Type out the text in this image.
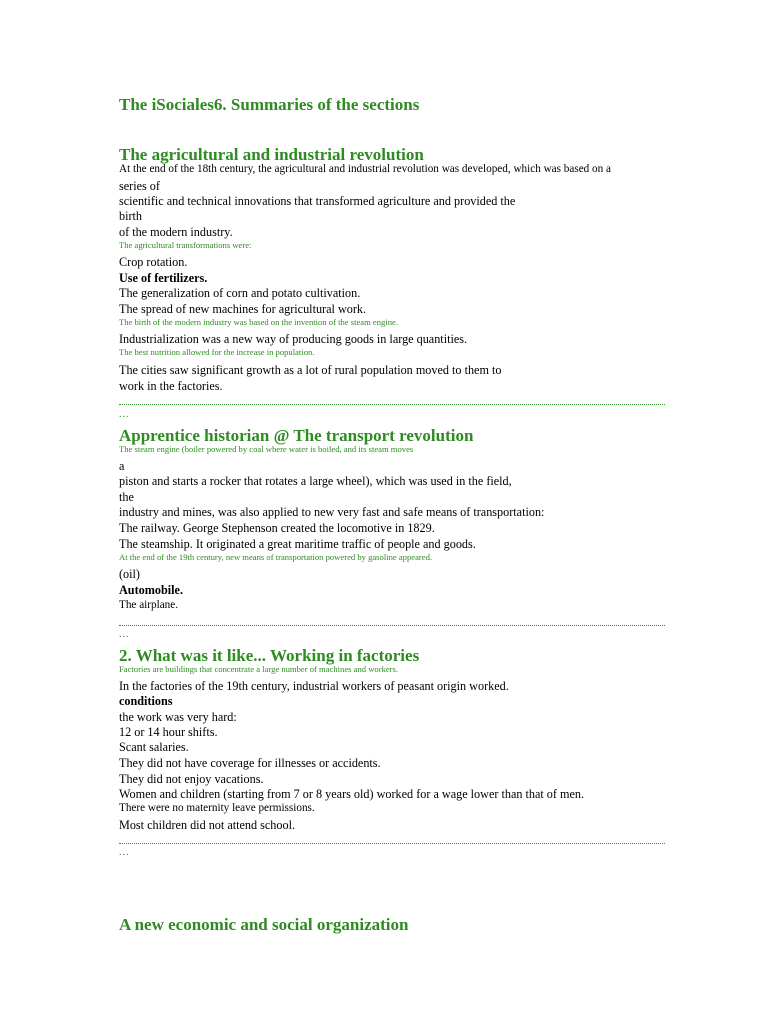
The iSociales6. Summaries of the sections
The agricultural and industrial revolution
At the end of the 18th century, the agricultural and industrial revolution was developed, which was based on a
series of
scientific and technical innovations that transformed agriculture and provided the
birth
of the modern industry.
The agricultural transformations were:
Crop rotation.
Use of fertilizers.
The generalization of corn and potato cultivation.
The spread of new machines for agricultural work.
The birth of the modern industry was based on the invention of the steam engine.
Industrialization was a new way of producing goods in large quantities.
The best nutrition allowed for the increase in population.
The cities saw significant growth as a lot of rural population moved to them to
work in the factories.
...
Apprentice historian @ The transport revolution
The steam engine (boiler powered by coal where water is boiled, and its steam moves
a
piston and starts a rocker that rotates a large wheel), which was used in the field,
the
industry and mines, was also applied to new very fast and safe means of transportation:
The railway. George Stephenson created the locomotive in 1829.
The steamship. It originated a great maritime traffic of people and goods.
At the end of the 19th century, new means of transportation powered by gasoline appeared.
(oil)
Automobile.
The airplane.
...
2. What was it like... Working in factories
Factories are buildings that concentrate a large number of machines and workers.
In the factories of the 19th century, industrial workers of peasant origin worked.
conditions
the work was very hard:
12 or 14 hour shifts.
Scant salaries.
They did not have coverage for illnesses or accidents.
They did not enjoy vacations.
Women and children (starting from 7 or 8 years old) worked for a wage lower than that of men.
There were no maternity leave permissions.
Most children did not attend school.
...
A new economic and social organization
